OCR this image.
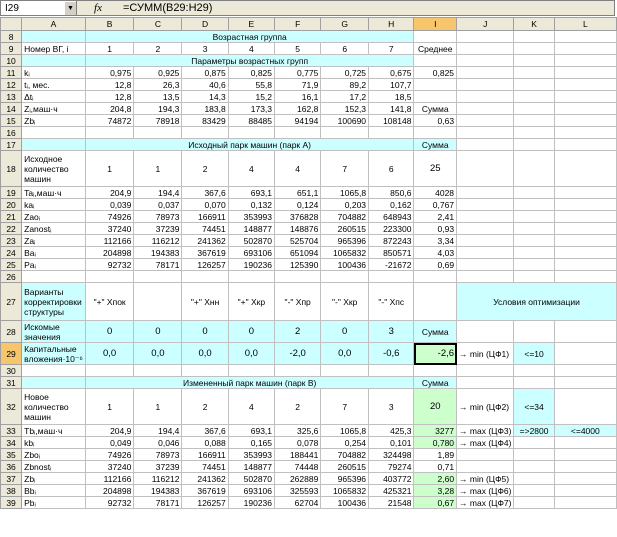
I29	▼	fx	=СУММ(B29:H29)
	A	B	C	D	E	F	G	H	I	J	K	L
8		Возрастная группа										
9	Номер ВГ, i	1	2	3	4	5	6	7	Среднее			
10		Параметры возрастных групп										
11	kᵢ	0,975	0,925	0,875	0,825	0,775	0,725	0,675	0,825			
12	tᵢ, мес.	12,8	26,3	40,6	55,8	71,9	89,2	107,7				
13	Δtᵢ	12,8	13,5	14,3	15,2	16,1	17,2	18,5				
14	Zᵢ,маш·ч	204,8	194,3	183,8	173,3	162,8	152,3	141,8	Сумма			
15	Zbᵢ	74872	78918	83429	88485	94194	100690	108148	0,63			
16												
17		Исходный парк машин (парк А)							Сумма			
18	Исходное количество машин	1	1	2	4	4	7	6	25			
19	Taᵢ,маш·ч	204,9	194,4	367,6	693,1	651,1	1065,8	850,6	4028			
20	kaᵢ	0,039	0,037	0,070	0,132	0,124	0,203	0,162	0,767			
21	Zaoᵢ	74926	78973	166911	353993	376828	704882	648943	2,41			
22	Zanostᵢ	37240	37239	74451	148877	148876	260515	223300	0,93			
23	Zaᵢ	112166	116212	241362	502870	525704	965396	872243	3,34			
24	Baᵢ	204898	194383	367619	693106	651094	1065832	850571	4,03			
25	Paᵢ	92732	78171	126257	190236	125390	100436	-21672	0,69			
26												
27	Варианты корректировки структуры	"+" Хпок		"+" Хнн	"+" Хкр	"-" Хпр	"-" Хкр	"-" Хпс		Условия оптимизации		
28	Искомые значения	0	0	0	0	2	0	3	Сумма			
29	Капитальные вложения·10⁻⁶	0,0	0,0	0,0	0,0	-2,0	0,0	-0,6	-2,6	→ min (ЦФ1)	<=10	
30												
31		Измененный парк машин (парк В)							Сумма			
32	Новое количество машин	1	1	2	4	2	7	3	20	→ min (ЦФ2)	<=34	
33	Tbᵢ,маш·ч	204,9	194,4	367,6	693,1	325,6	1065,8	425,3	3277	→ max (ЦФ3)	=>2800	<=4000
34	kbᵢ	0,049	0,046	0,088	0,165	0,078	0,254	0,101	0,780	→ max (ЦФ4)		
35	Zboᵢ	74926	78973	166911	353993	188441	704882	324498	1,89			
36	Zbnostᵢ	37240	37239	74451	148877	74448	260515	79274	0,71			
37	Zbᵢ	112166	116212	241362	502870	262889	965396	403772	2,60	→ min (ЦФ5)		
38	Bbᵢ	204898	194383	367619	693106	325593	1065832	425321	3,28	→ max (ЦФ6)		
39	Pbᵢ	92732	78171	126257	190236	62704	100436	21548	0,67	→ max (ЦФ7)		
